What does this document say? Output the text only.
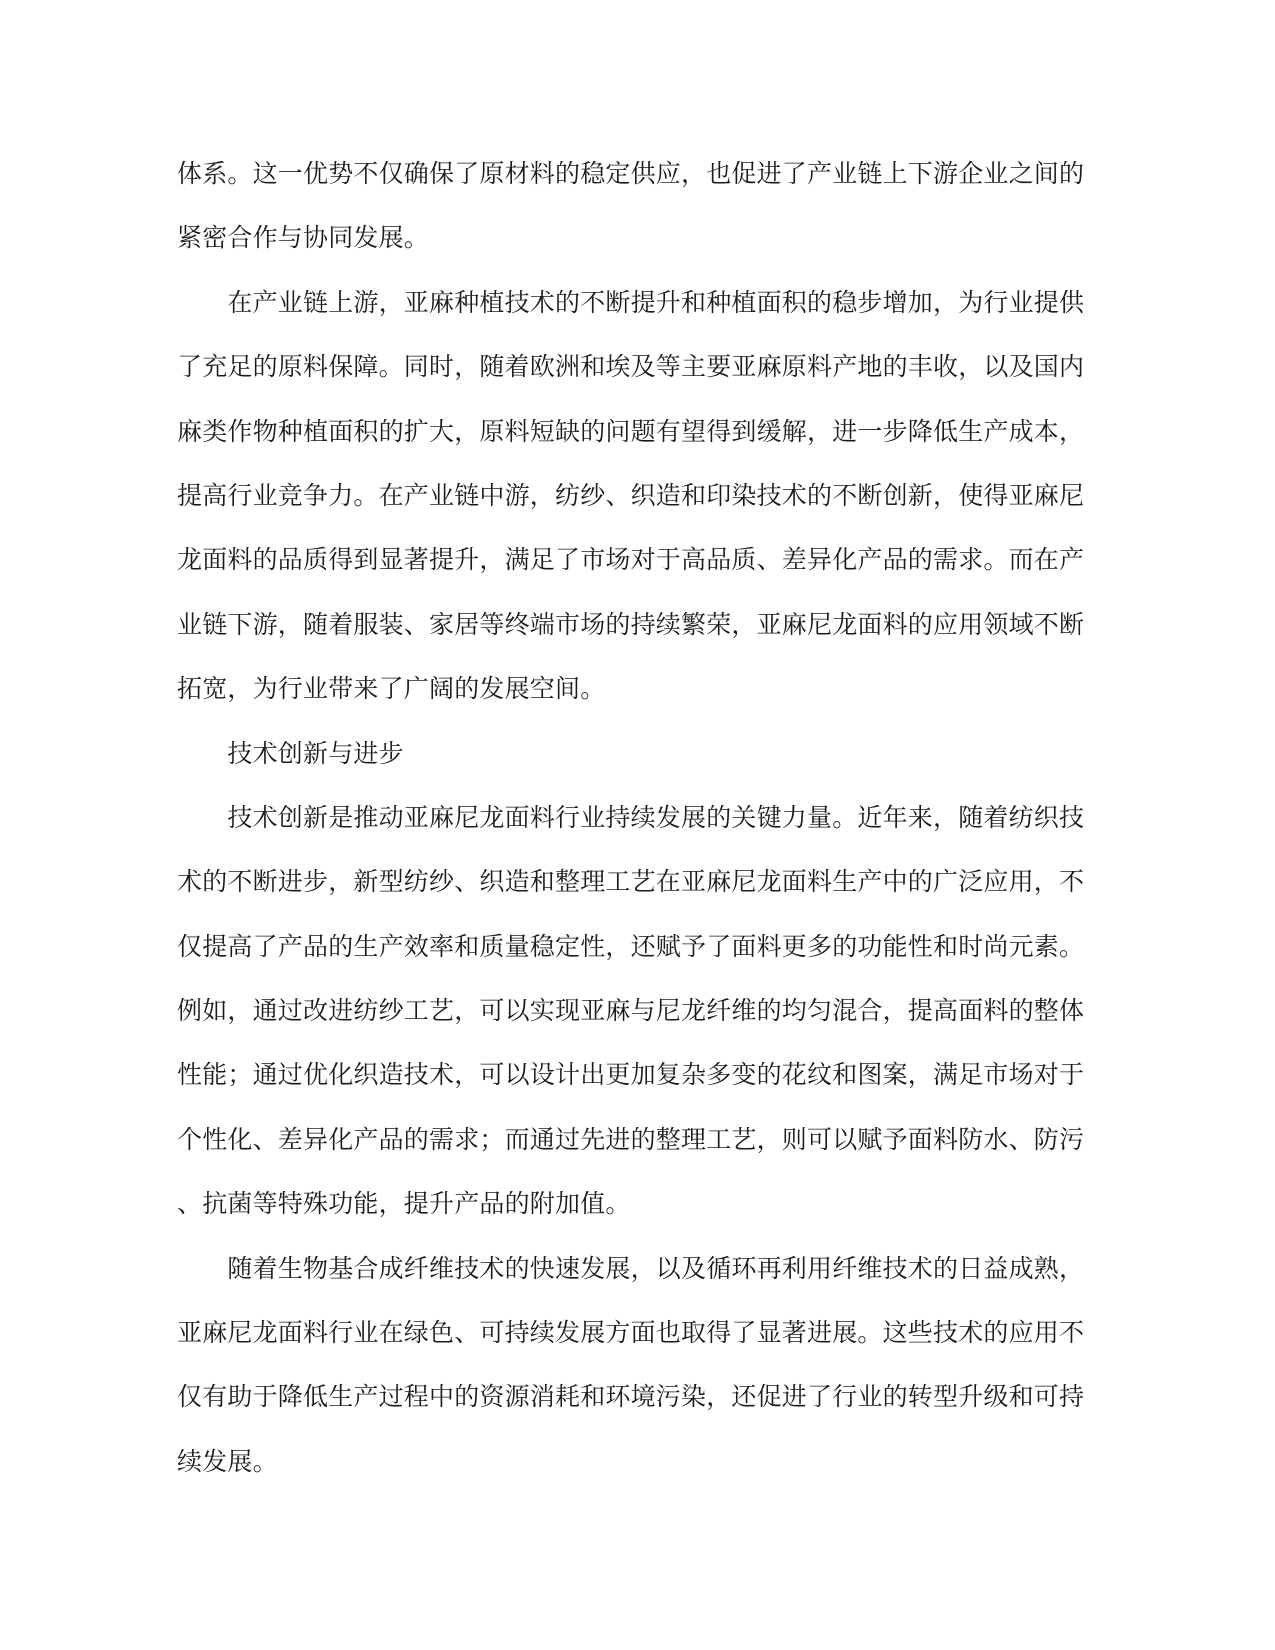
体系。这一优势不仅确保了原材料的稳定供应，也促进了产业链上下游企业之间的
紧密合作与协同发展。
　　在产业链上游，亚麻种植技术的不断提升和种植面积的稳步增加，为行业提供
了充足的原料保障。同时，随着欧洲和埃及等主要亚麻原料产地的丰收，以及国内
麻类作物种植面积的扩大，原料短缺的问题有望得到缓解，进一步降低生产成本，
提高行业竞争力。在产业链中游，纺纱、织造和印染技术的不断创新，使得亚麻尼
龙面料的品质得到显著提升，满足了市场对于高品质、差异化产品的需求。而在产
业链下游，随着服装、家居等终端市场的持续繁荣，亚麻尼龙面料的应用领域不断
拓宽，为行业带来了广阔的发展空间。
　　技术创新与进步
　　技术创新是推动亚麻尼龙面料行业持续发展的关键力量。近年来，随着纺织技
术的不断进步，新型纺纱、织造和整理工艺在亚麻尼龙面料生产中的广泛应用，不
仅提高了产品的生产效率和质量稳定性，还赋予了面料更多的功能性和时尚元素。
例如，通过改进纺纱工艺，可以实现亚麻与尼龙纤维的均匀混合，提高面料的整体
性能；通过优化织造技术，可以设计出更加复杂多变的花纹和图案，满足市场对于
个性化、差异化产品的需求；而通过先进的整理工艺，则可以赋予面料防水、防污
、抗菌等特殊功能，提升产品的附加值。
　　随着生物基合成纤维技术的快速发展，以及循环再利用纤维技术的日益成熟，
亚麻尼龙面料行业在绿色、可持续发展方面也取得了显著进展。这些技术的应用不
仅有助于降低生产过程中的资源消耗和环境污染，还促进了行业的转型升级和可持
续发展。
